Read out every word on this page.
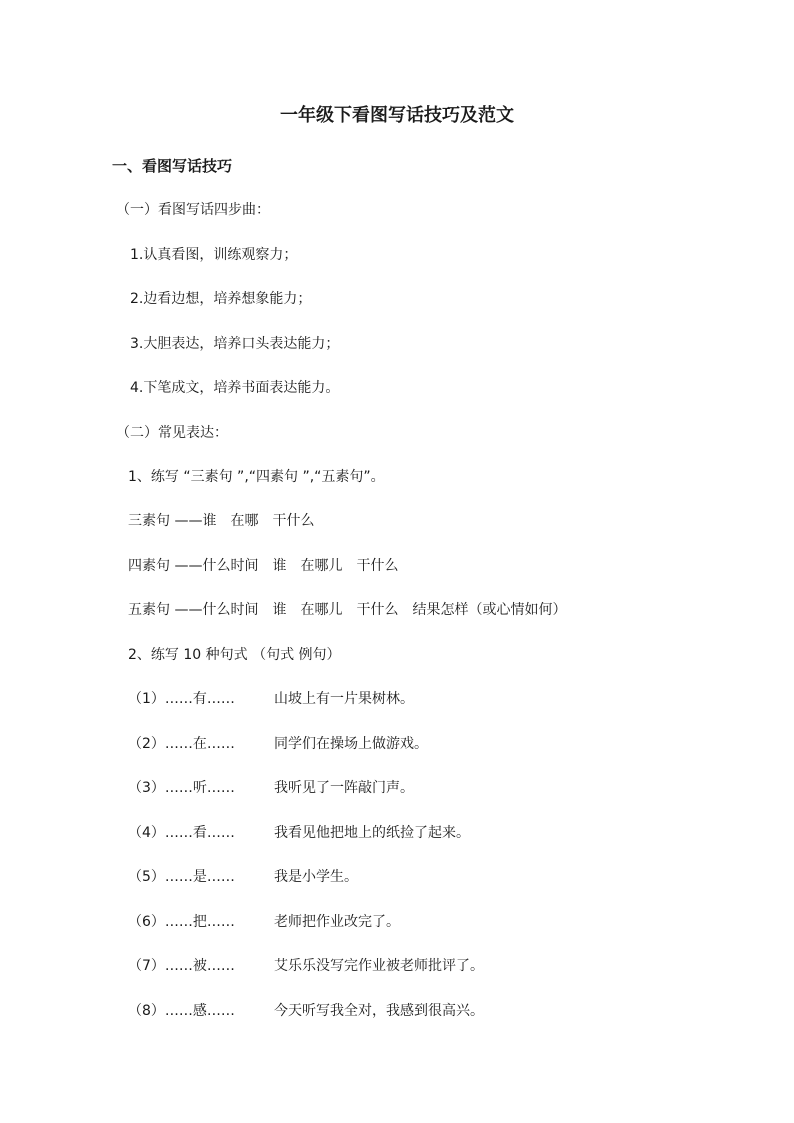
一年级下看图写话技巧及范文
一、看图写话技巧
（一）看图写话四步曲：
1.认真看图，训练观察力；
2.边看边想，培养想象能力；
3.大胆表达，培养口头表达能力；
4.下笔成文，培养书面表达能力。
（二）常见表达：
1、练写 “三素句 ”,“四素句 ”,“五素句”。
三素句 ——谁　在哪　干什么
四素句 ——什么时间　谁　在哪儿　干什么
五素句 ——什么时间　谁　在哪儿　干什么　结果怎样（或心情如何）
2、练写 10 种句式 （句式 例句）
（1）……有……	山坡上有一片果树林。
（2）……在……	同学们在操场上做游戏。
（3）……听……	我听见了一阵敲门声。
（4）……看……	我看见他把地上的纸捡了起来。
（5）……是……	我是小学生。
（6）……把……	老师把作业改完了。
（7）……被……	艾乐乐没写完作业被老师批评了。
（8）……感……	今天听写我全对，我感到很高兴。
